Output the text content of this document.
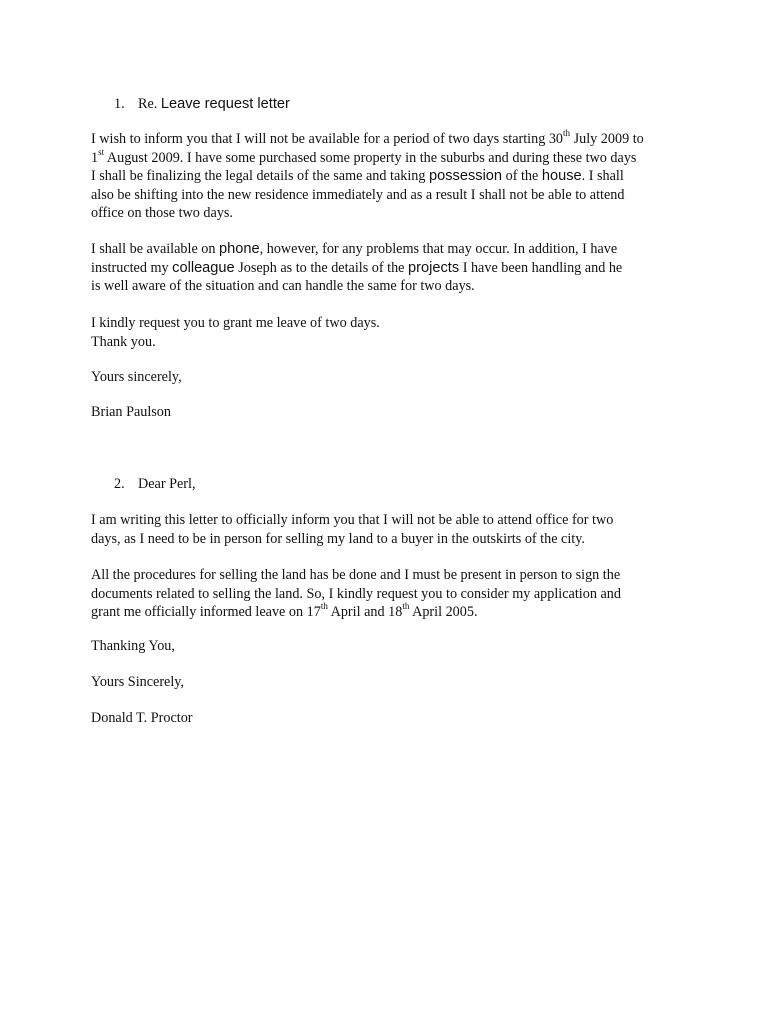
1. Re. Leave request letter
I wish to inform you that I will not be available for a period of two days starting 30th July 2009 to
1st August 2009. I have some purchased some property in the suburbs and during these two days
I shall be finalizing the legal details of the same and taking possession of the house. I shall
also be shifting into the new residence immediately and as a result I shall not be able to attend
office on those two days.
I shall be available on phone, however, for any problems that may occur. In addition, I have
instructed my colleague Joseph as to the details of the projects I have been handling and he
is well aware of the situation and can handle the same for two days.
I kindly request you to grant me leave of two days.
Thank you.
Yours sincerely,
Brian Paulson
2. Dear Perl,
I am writing this letter to officially inform you that I will not be able to attend office for two
days, as I need to be in person for selling my land to a buyer in the outskirts of the city.
All the procedures for selling the land has be done and I must be present in person to sign the
documents related to selling the land. So, I kindly request you to consider my application and
grant me officially informed leave on 17th April and 18th April 2005.
Thanking You,
Yours Sincerely,
Donald T. Proctor
